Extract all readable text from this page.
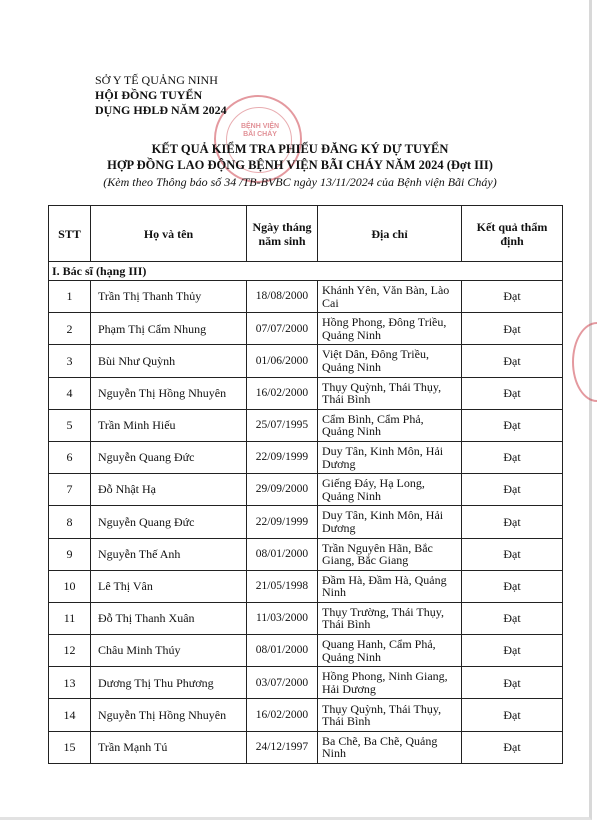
BỆNH VIỆN BÃI CHÁY
SỞ Y TẾ QUẢNG NINH
HỘI ĐỒNG TUYỂN
DỤNG HĐLĐ NĂM 2024
KẾT QUẢ KIỂM TRA PHIẾU ĐĂNG KÝ DỰ TUYỂN
HỢP ĐỒNG LAO ĐỘNG BỆNH VIỆN BÃI CHÁY NĂM 2024 (Đợt III)
(Kèm theo Thông báo số 34 /TB-BVBC ngày 13/11/2024 của Bệnh viện Bãi Cháy)
STT	Họ và tên	Ngày tháng năm sinh	Địa chỉ	Kết quả thẩm định
I. Bác sĩ (hạng III)				
1	Trần Thị Thanh Thủy	18/08/2000	Khánh Yên, Văn Bàn, Lào Cai	Đạt
2	Phạm Thị Cẩm Nhung	07/07/2000	Hồng Phong, Đông Triều, Quảng Ninh	Đạt
3	Bùi Như Quỳnh	01/06/2000	Việt Dân, Đông Triều, Quảng Ninh	Đạt
4	Nguyễn Thị Hồng Nhuyên	16/02/2000	Thụy Quỳnh, Thái Thụy, Thái Bình	Đạt
5	Trần Minh Hiếu	25/07/1995	Cẩm Bình, Cẩm Phả, Quảng Ninh	Đạt
6	Nguyễn Quang Đức	22/09/1999	Duy Tân, Kinh Môn, Hải Dương	Đạt
7	Đỗ Nhật Hạ	29/09/2000	Giếng Đáy, Hạ Long, Quảng Ninh	Đạt
8	Nguyễn Quang Đức	22/09/1999	Duy Tân, Kinh Môn, Hải Dương	Đạt
9	Nguyễn Thế Anh	08/01/2000	Trần Nguyên Hãn, Bắc Giang, Bắc Giang	Đạt
10	Lê Thị Vân	21/05/1998	Đầm Hà, Đầm Hà, Quảng Ninh	Đạt
11	Đỗ Thị Thanh Xuân	11/03/2000	Thụy Trường, Thái Thụy, Thái Bình	Đạt
12	Châu Minh Thúy	08/01/2000	Quang Hanh, Cẩm Phả, Quảng Ninh	Đạt
13	Dương Thị Thu Phương	03/07/2000	Hồng Phong, Ninh Giang, Hải Dương	Đạt
14	Nguyễn Thị Hồng Nhuyên	16/02/2000	Thụy Quỳnh, Thái Thụy, Thái Bình	Đạt
15	Trần Mạnh Tú	24/12/1997	Ba Chẽ, Ba Chẽ, Quảng Ninh	Đạt
